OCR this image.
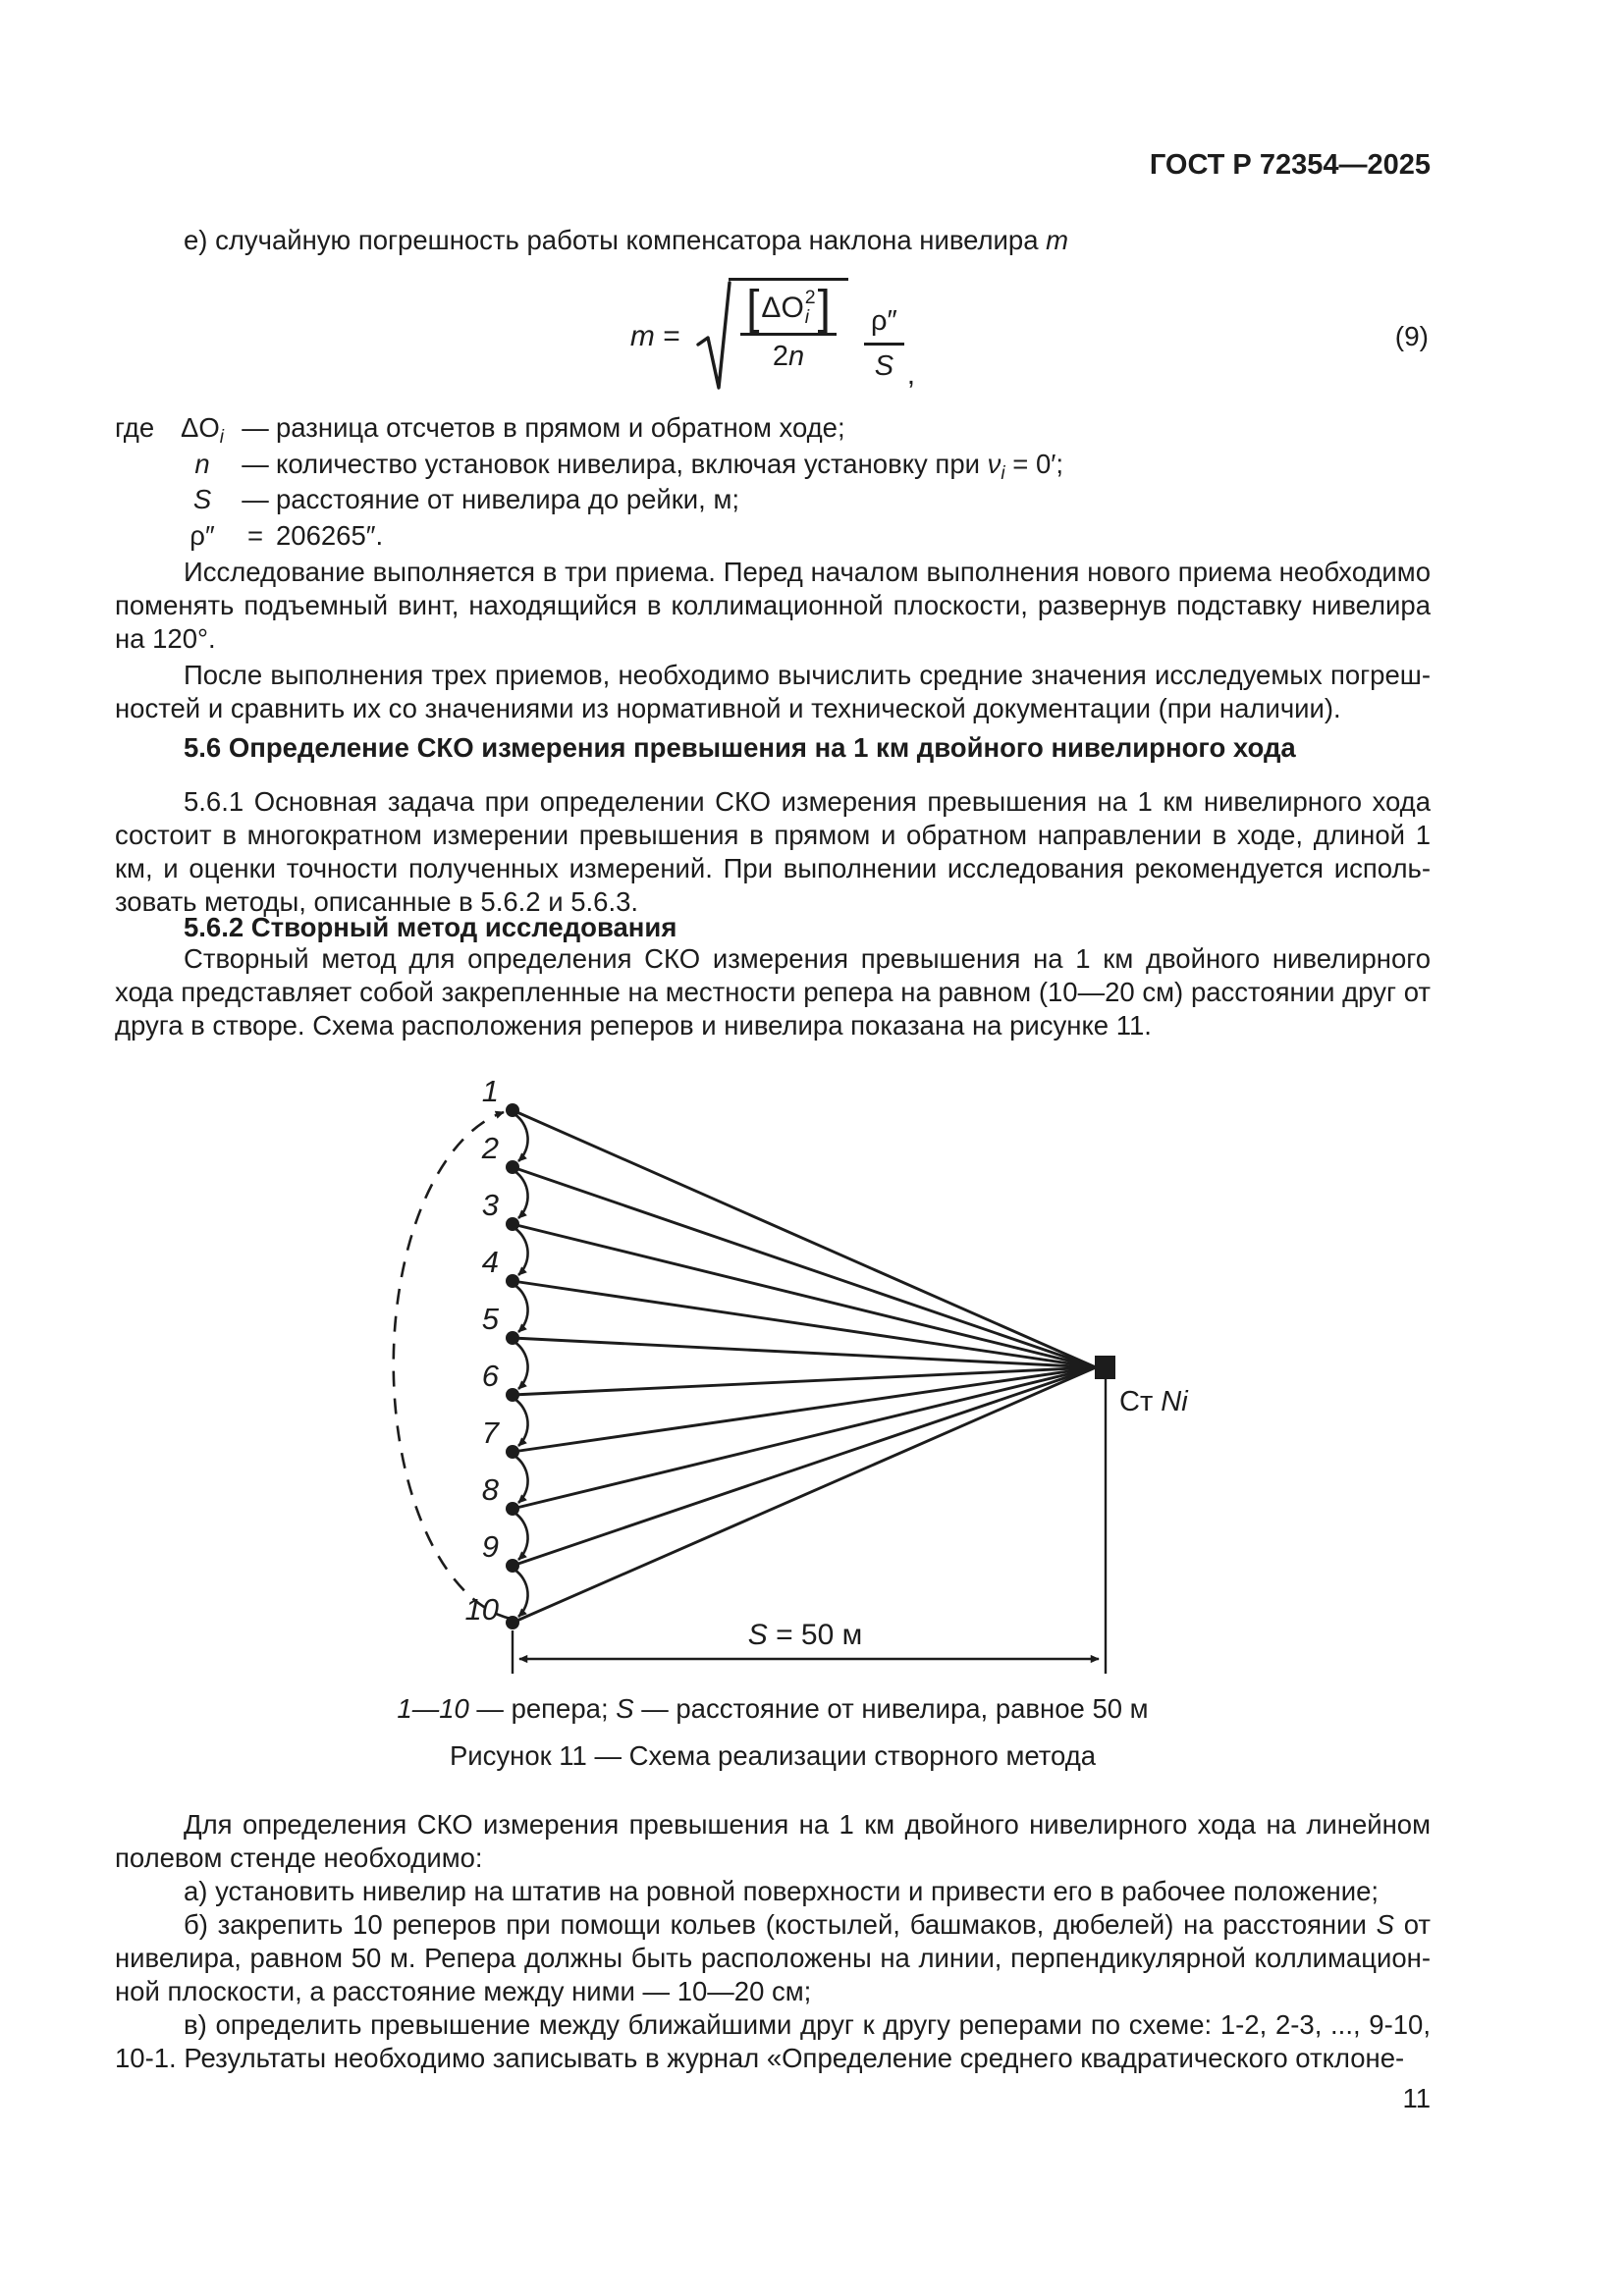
ГОСТ Р 72354—2025

е) случайную погрешность работы компенсатора наклона нивелира m

m = [ ΔO 2
i ]
2n ρ″
S ,
(9)
где $\Delta O_i$ — разница отсчетов в прямом и обратном ходе;
n	— количество установок нивелира, включая установку при $\nu_i = 0'$;
S	— расстояние от нивелира до рейки, м;
ρ″	= 206265″.

Исследование выполняется в три приема. Перед началом выполнения нового приема необходимо поменять подъемный винт, находящийся в коллимационной плоскости, развернув подставку нивелира на 120°.

После выполнения трех приемов, необходимо вычислить средние значения исследуемых погрешностей и сравнить их со значениями из нормативной и технической документации (при наличии).

5.6 Определение СКО измерения превышения на 1 км двойного нивелирного хода

5.6.1 Основная задача при определении СКО измерения превышения на 1 км нивелирного хода состоит в многократном измерении превышения в прямом и обратном направлении в ходе, длиной 1 км, и оценки точности полученных измерений. При выполнении исследования рекомендуется использовать методы, описанные в 5.6.2 и 5.6.3.

5.6.2 Створный метод исследования

Створный метод для определения СКО измерения превышения на 1 км двойного нивелирного хода представляет собой закрепленные на местности репера на равном (10—20 см) расстоянии друг от друга в створе. Схема расположения реперов и нивелира показана на рисунке 11.

1
2
3
4
5
6
7
8
9
10
Ст Ni
S = 50 м

1—10 — репера; S — расстояние от нивелира, равное 50 м

Рисунок 11 — Схема реализации створного метода

Для определения СКО измерения превышения на 1 км двойного нивелирного хода на линейном полевом стенде необходимо:

а) установить нивелир на штатив на ровной поверхности и привести его в рабочее положение;

б) закрепить 10 реперов при помощи кольев (костылей, башмаков, дюбелей) на расстоянии S от нивелира, равном 50 м. Репера должны быть расположены на линии, перпендикулярной коллимационной плоскости, а расстояние между ними — 10—20 см;

в) определить превышение между ближайшими друг к другу реперами по схеме: 1-2, 2-3, ..., 9-10, 10-1. Результаты необходимо записывать в журнал «Определение среднего квадратического отклоне-

11
